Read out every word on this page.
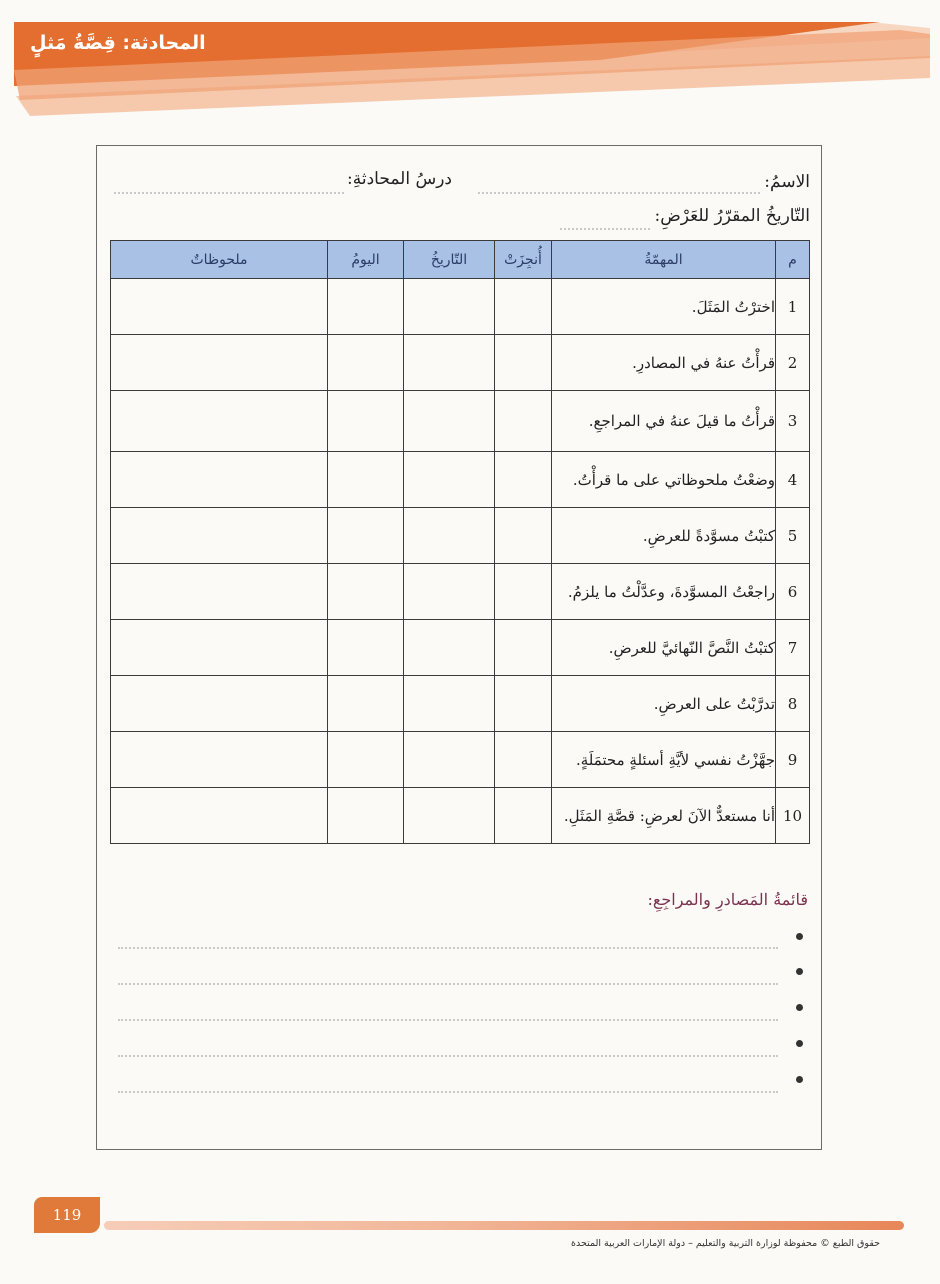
المحادثة: قِصَّةُ مَثلٍ
الاسمُ:
درسُ المحادثةِ:
التّاريخُ المقرّرُ للعَرْضِ:
م	المهمّةُ	أُنجِزَتْ	التّاريخُ	اليومُ	ملحوظاتٌ
1	اخترْتُ المَثَلَ.				
2	قرأْتُ عنهُ في المصادرِ.				
3	قرأْتُ ما قيلَ عنهُ في المراجعِ.				
4	وضعْتُ ملحوظاتي على ما قرأْتُ.				
5	كتبْتُ مسوَّدةً للعرضِ.				
6	راجعْتُ المسوَّدةَ، وعدَّلْتُ ما يلزمُ.				
7	كتبْتُ النَّصَّ النّهائيَّ للعرضِ.				
8	تدرَّبْتُ على العرضِ.				
9	جهَّزْتُ نفسي لأيَّةِ أسئلةٍ محتمَلَةٍ.				
10	أنا مستعدٌّ الآنَ لعرضِ: قصَّةِ المَثَلِ.				
قائمةُ المَصادرِ والمراجِعِ:
119
حقوق الطبع © محفوظة لوزارة التربية والتعليم – دولة الإمارات العربية المتحدة
